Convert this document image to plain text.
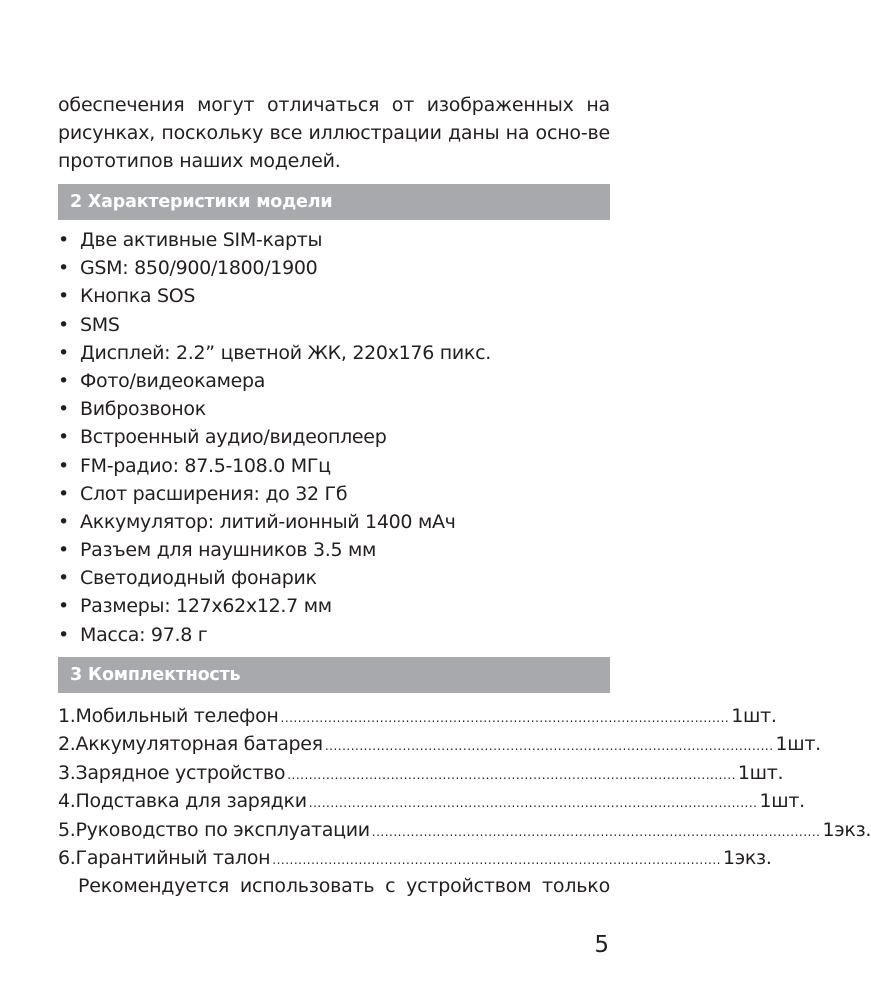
обеспечения могут отличаться от изображенных на рисунках, поскольку все иллюстрации даны на осно-ве прототипов наших моделей.
2 Характеристики модели
• Две активные SIM-карты
• GSM: 850/900/1800/1900
• Кнопка SOS
• SMS
• Дисплей: 2.2” цветной ЖК, 220х176 пикс.
• Фото/видеокамера
• Виброзвонок
• Встроенный аудио/видеоплеер
• FM-радио: 87.5-108.0 МГц
• Слот расширения: до 32 Гб
• Аккумулятор: литий-ионный 1400 мАч
• Разъем для наушников 3.5 мм
• Светодиодный фонарик
• Размеры: 127х62х12.7 мм
• Масса: 97.8 г
3 Комплектность
1.Мобильный телефон ........................................................................................................ 1шт.
2.Аккумуляторная батарея ........................................................................................................ 1шт.
3.Зарядное устройство ........................................................................................................ 1шт.
4.Подставка для зарядки ........................................................................................................ 1шт.
5.Руководство по эксплуатации ........................................................................................................ 1экз.
6.Гарантийный талон ........................................................................................................ 1экз.
Рекомендуется использовать с устройством только
5
